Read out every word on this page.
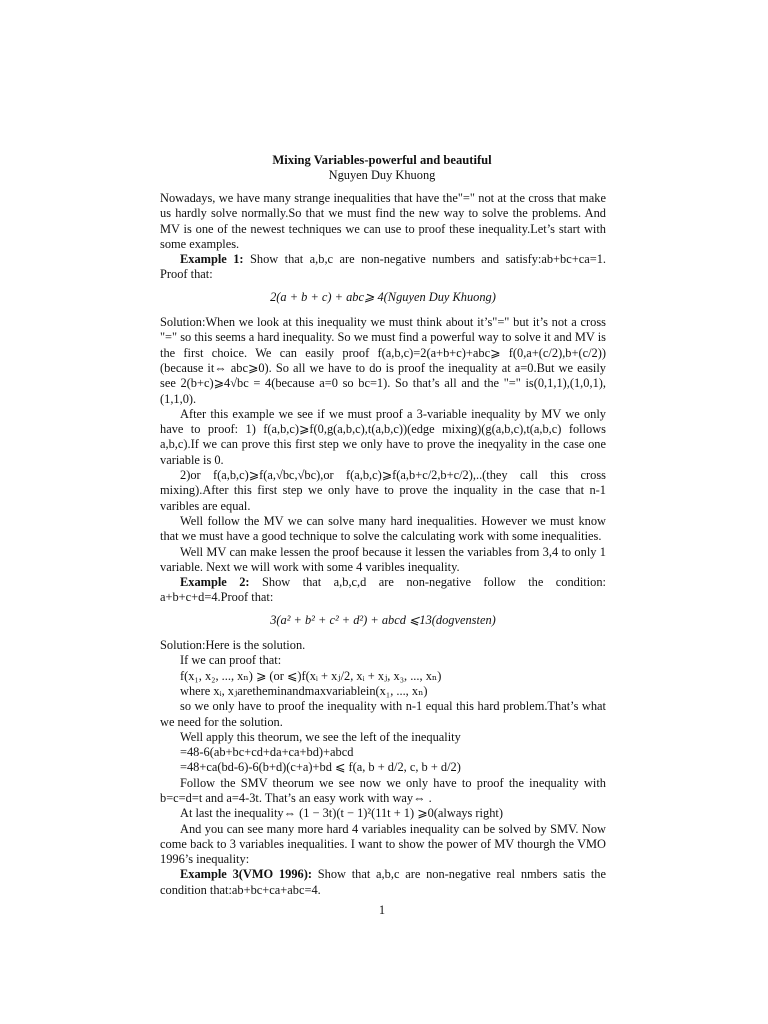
Mixing Variables-powerful and beautiful
Nguyen Duy Khuong

Nowadays, we have many strange inequalities that have the"=" not at the cross that make us hardly solve normally.So that we must find the new way to solve the problems. And MV is one of the newest techniques we can use to proof these inequality.Let’s start with some examples.

Example 1: Show that a,b,c are non-negative numbers and satisfy:ab+bc+ca=1. Proof that:

2(a + b + c) + abc⩾ 4(Nguyen Duy Khuong)

Solution:When we look at this inequality we must think about it’s"=" but it’s not a cross "=" so this seems a hard inequality. So we must find a powerful way to solve it and MV is the first choice. We can easily proof f(a,b,c)=2(a+b+c)+abc⩾ f(0,a+(c/2),b+(c/2))(because it⇔ abc⩾0). So all we have to do is proof the inequality at a=0.But we easily see 2(b+c)⩾4√bc = 4(because a=0 so bc=1). So that’s all and the "=" is(0,1,1),(1,0,1),(1,1,0).

After this example we see if we must proof a 3-variable inequality by MV we only have to proof: 1) f(a,b,c)⩾f(0,g(a,b,c),t(a,b,c))(edge mixing)(g(a,b,c),t(a,b,c) follows a,b,c).If we can prove this first step we only have to prove the ineqyality in the case one variable is 0.

2)or f(a,b,c)⩾f(a,√bc,√bc),or f(a,b,c)⩾f(a,b+c/2,b+c/2),..(they call this cross mixing).After this first step we only have to prove the inquality in the case that n-1 varibles are equal.

Well follow the MV we can solve many hard inequalities. However we must know that we must have a good technique to solve the calculating work with some inequalities.

Well MV can make lessen the proof because it lessen the variables from 3,4 to only 1 variable. Next we will work with some 4 varibles inequality.

Example 2: Show that a,b,c,d are non-negative follow the condition: a+b+c+d=4.Proof that:

3(a² + b² + c² + d²) + abcd ⩽13(dogvensten)

Solution:Here is the solution.

If we can proof that:

f(x₁, x₂, ..., xₙ) ⩾ (or ⩽)f(xᵢ + xⱼ/2, xᵢ + xⱼ, x₃, ..., xₙ)

where xᵢ, xⱼaretheminandmaxvariablein(x₁, ..., xₙ)

so we only have to proof the inequality with n-1 equal this hard problem.That’s what we need for the solution.

Well apply this theorum, we see the left of the inequality

=48-6(ab+bc+cd+da+ca+bd)+abcd

=48+ca(bd-6)-6(b+d)(c+a)+bd ⩽ f(a, b + d/2, c, b + d/2)

Follow the SMV theorum we see now we only have to proof the inequality with b=c=d=t and a=4-3t. That’s an easy work with way⇔ .

At last the inequality⇔ (1 − 3t)(t − 1)²(11t + 1) ⩾0(always right)

And you can see many more hard 4 variables inequality can be solved by SMV. Now come back to 3 variables inequalities. I want to show the power of MV thourgh the VMO 1996’s inequality:

Example 3(VMO 1996): Show that a,b,c are non-negative real nmbers satis the condition that:ab+bc+ca+abc=4.

1
